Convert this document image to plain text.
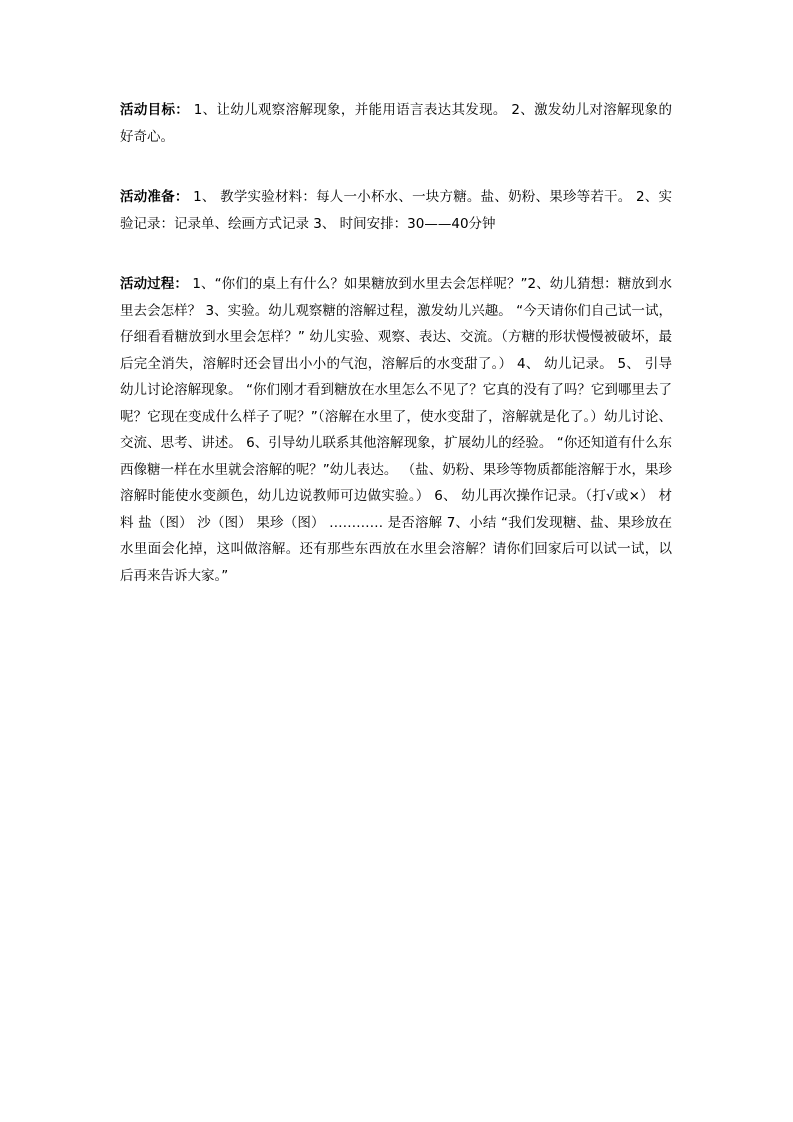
活动目标： 1、让幼儿观察溶解现象，并能用语言表达其发现。 2、激发幼儿对溶解现象的好奇心。
活动准备： 1、 教学实验材料：每人一小杯水、一块方糖。盐、奶粉、果珍等若干。 2、实验记录：记录单、绘画方式记录 3、 时间安排：30——40分钟
活动过程： 1、“你们的桌上有什么？如果糖放到水里去会怎样呢？”2、幼儿猜想：糖放到水里去会怎样？ 3、实验。幼儿观察糖的溶解过程，激发幼儿兴趣。 “今天请你们自己试一试，仔细看看糖放到水里会怎样？” 幼儿实验、观察、表达、交流。（方糖的形状慢慢被破坏，最后完全消失，溶解时还会冒出小小的气泡，溶解后的水变甜了。） 4、 幼儿记录。 5、 引导幼儿讨论溶解现象。 “你们刚才看到糖放在水里怎么不见了？它真的没有了吗？它到哪里去了呢？它现在变成什么样子了呢？”（溶解在水里了，使水变甜了，溶解就是化了。）幼儿讨论、交流、思考、讲述。 6、引导幼儿联系其他溶解现象，扩展幼儿的经验。 “你还知道有什么东西像糖一样在水里就会溶解的呢？”幼儿表达。 （盐、奶粉、果珍等物质都能溶解于水，果珍溶解时能使水变颜色，幼儿边说教师可边做实验。） 6、 幼儿再次操作记录。（打√或×） 材料 盐（图） 沙（图） 果珍（图） ………… 是否溶解 7、小结 “我们发现糖、盐、果珍放在水里面会化掉，这叫做溶解。还有那些东西放在水里会溶解？请你们回家后可以试一试，以后再来告诉大家。”
